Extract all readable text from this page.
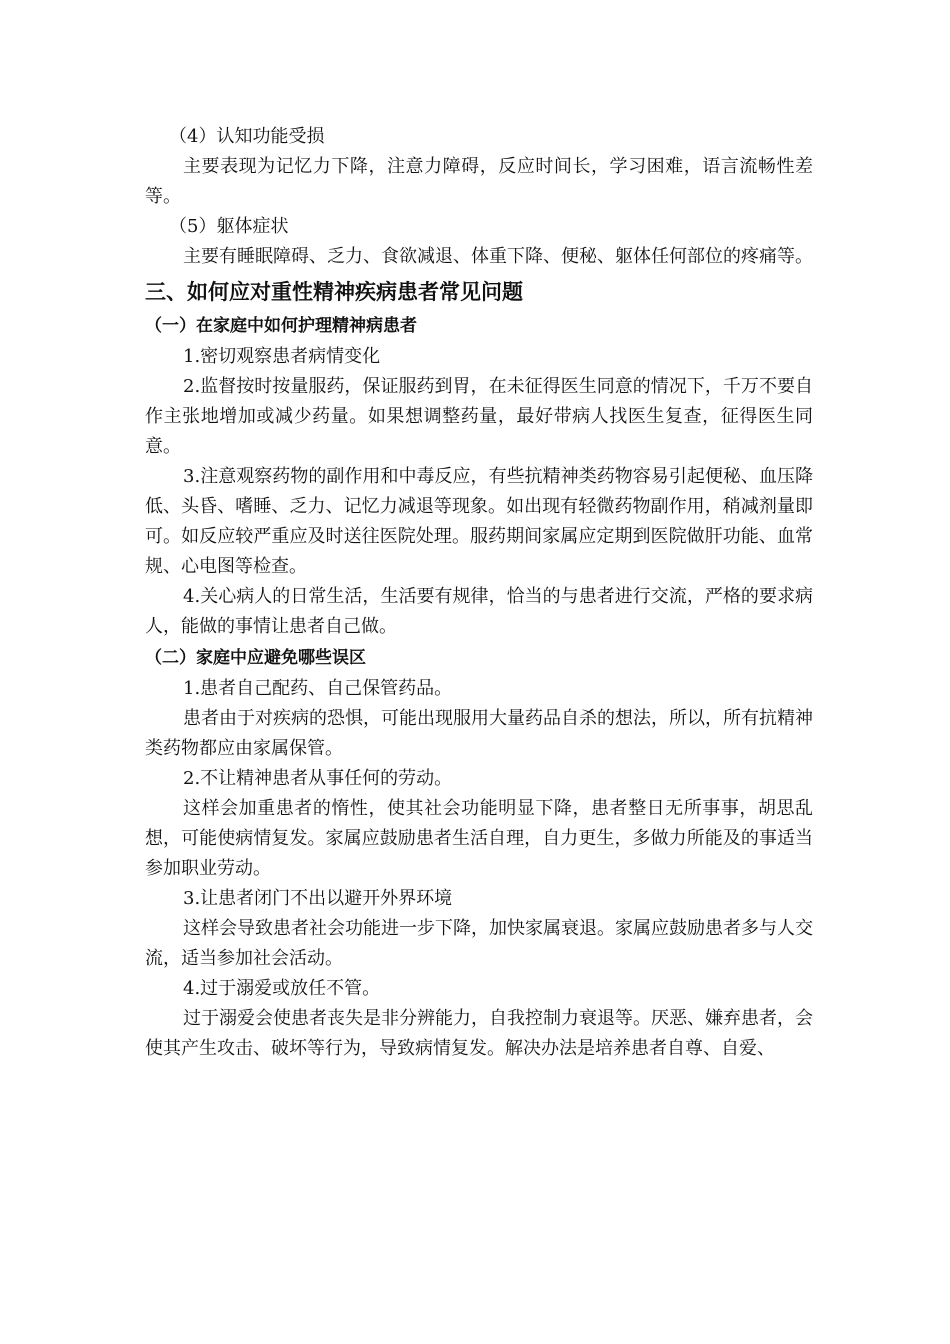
（4）认知功能受损

主要表现为记忆力下降，注意力障碍，反应时间长，学习困难，语言流畅性差等。

（5）躯体症状

主要有睡眠障碍、乏力、食欲减退、体重下降、便秘、躯体任何部位的疼痛等。

三、如何应对重性精神疾病患者常见问题
（一）在家庭中如何护理精神病患者

1.密切观察患者病情变化

2.监督按时按量服药，保证服药到胃，在未征得医生同意的情况下，千万不要自作主张地增加或减少药量。如果想调整药量，最好带病人找医生复查，征得医生同意。

3.注意观察药物的副作用和中毒反应，有些抗精神类药物容易引起便秘、血压降低、头昏、嗜睡、乏力、记忆力减退等现象。如出现有轻微药物副作用，稍减剂量即可。如反应较严重应及时送往医院处理。服药期间家属应定期到医院做肝功能、血常规、心电图等检查。

4.关心病人的日常生活，生活要有规律，恰当的与患者进行交流，严格的要求病人，能做的事情让患者自己做。

（二）家庭中应避免哪些误区

1.患者自己配药、自己保管药品。

患者由于对疾病的恐惧，可能出现服用大量药品自杀的想法，所以，所有抗精神类药物都应由家属保管。

2.不让精神患者从事任何的劳动。

这样会加重患者的惰性，使其社会功能明显下降，患者整日无所事事，胡思乱想，可能使病情复发。家属应鼓励患者生活自理，自力更生，多做力所能及的事适当参加职业劳动。

3.让患者闭门不出以避开外界环境

这样会导致患者社会功能进一步下降，加快家属衰退。家属应鼓励患者多与人交流，适当参加社会活动。

4.过于溺爱或放任不管。

过于溺爱会使患者丧失是非分辨能力，自我控制力衰退等。厌恶、嫌弃患者，会使其产生攻击、破坏等行为，导致病情复发。解决办法是培养患者自尊、自爱、
